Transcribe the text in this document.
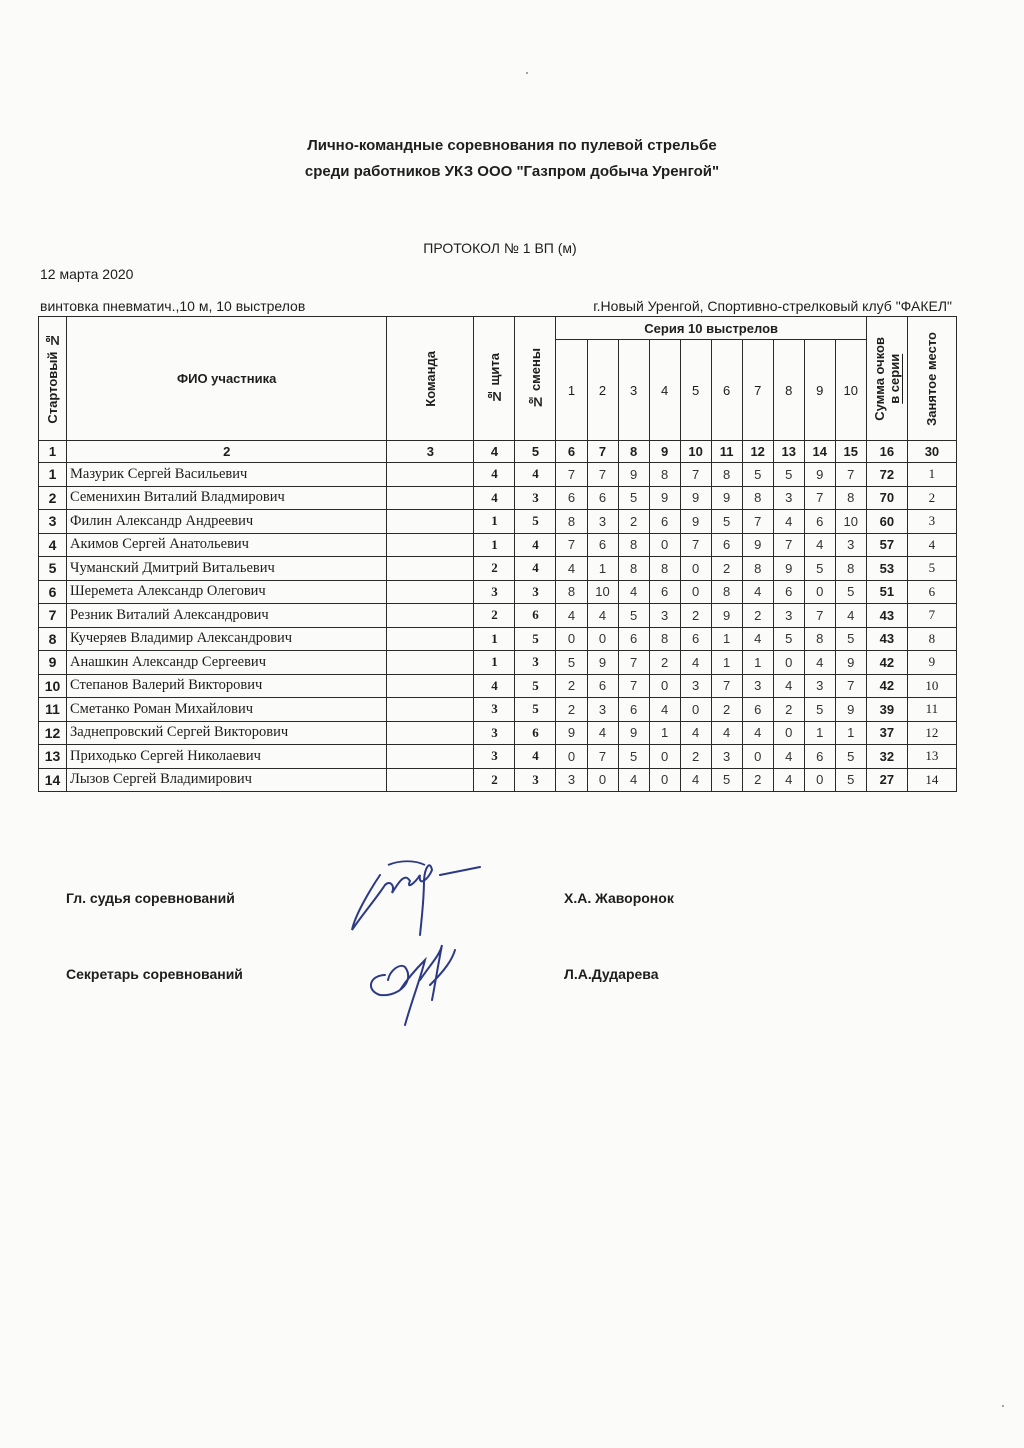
Лично-командные соревнования по пулевой стрельбе
среди работников УКЗ ООО "Газпром добыча Уренгой"
ПРОТОКОЛ № 1 ВП (м)
12 марта 2020
винтовка пневматич.,10 м, 10 выстрелов	г.Новый Уренгой, Спортивно-стрелковый клуб "ФАКЕЛ"
Стартовый №	ФИО участника	Команда	№ щита	№ смены	Серия 10 выстрелов										Сумма очков
в серии	Занятое место

					1	2	3	4	5	6	7	8	9	10		
1	2	3	4	5	6	7	8	9	10	11	12	13	14	15	16	30
1	Мазурик Сергей Васильевич		4	4	7	7	9	8	7	8	5	5	9	7	72	1
2	Семенихин Виталий Владмирович		4	3	6	6	5	9	9	9	8	3	7	8	70	2
3	Филин Александр Андреевич		1	5	8	3	2	6	9	5	7	4	6	10	60	3
4	Акимов Сергей Анатольевич		1	4	7	6	8	0	7	6	9	7	4	3	57	4
5	Чуманский Дмитрий Витальевич		2	4	4	1	8	8	0	2	8	9	5	8	53	5
6	Шеремета Александр Олегович		3	3	8	10	4	6	0	8	4	6	0	5	51	6
7	Резник Виталий Александрович		2	6	4	4	5	3	2	9	2	3	7	4	43	7
8	Кучеряев Владимир Александрович		1	5	0	0	6	8	6	1	4	5	8	5	43	8
9	Анашкин Александр Сергеевич		1	3	5	9	7	2	4	1	1	0	4	9	42	9
10	Степанов Валерий Викторович		4	5	2	6	7	0	3	7	3	4	3	7	42	10
11	Сметанко Роман Михайлович		3	5	2	3	6	4	0	2	6	2	5	9	39	11
12	Заднепровский Сергей Викторович		3	6	9	4	9	1	4	4	4	0	1	1	37	12
13	Приходько Сергей Николаевич		3	4	0	7	5	0	2	3	0	4	6	5	32	13
14	Лызов Сергей Владимирович		2	3	3	0	4	0	4	5	2	4	0	5	27	14
Гл. судья соревнований	Х.А. Жаворонок
Секретарь соревнований	Л.А.Дударева
